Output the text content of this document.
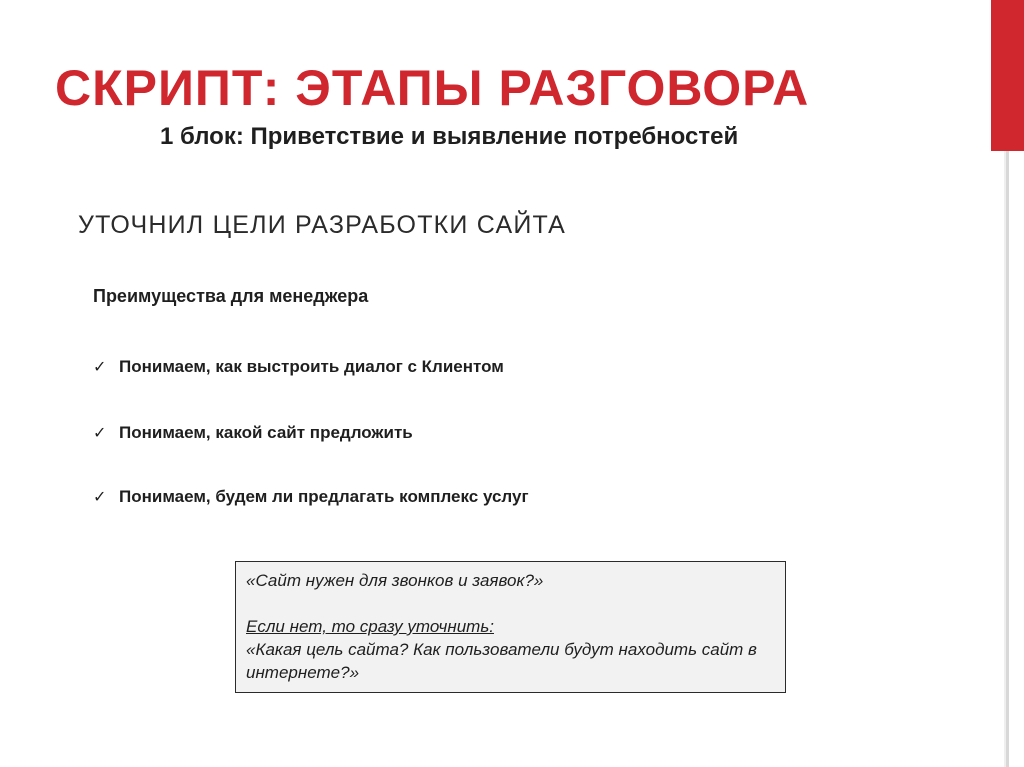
СКРИПТ: ЭТАПЫ РАЗГОВОРА
1 блок: Приветствие и выявление потребностей
УТОЧНИЛ ЦЕЛИ РАЗРАБОТКИ САЙТА
Преимущества для менеджера
✓ Понимаем, как выстроить диалог с Клиентом
✓ Понимаем, какой сайт предложить
✓ Понимаем, будем ли предлагать комплекс услуг

«Сайт нужен для звонков и заявок?»

Если нет, то сразу уточнить:

«Какая цель сайта? Как пользователи будут находить сайт в интернете?»
